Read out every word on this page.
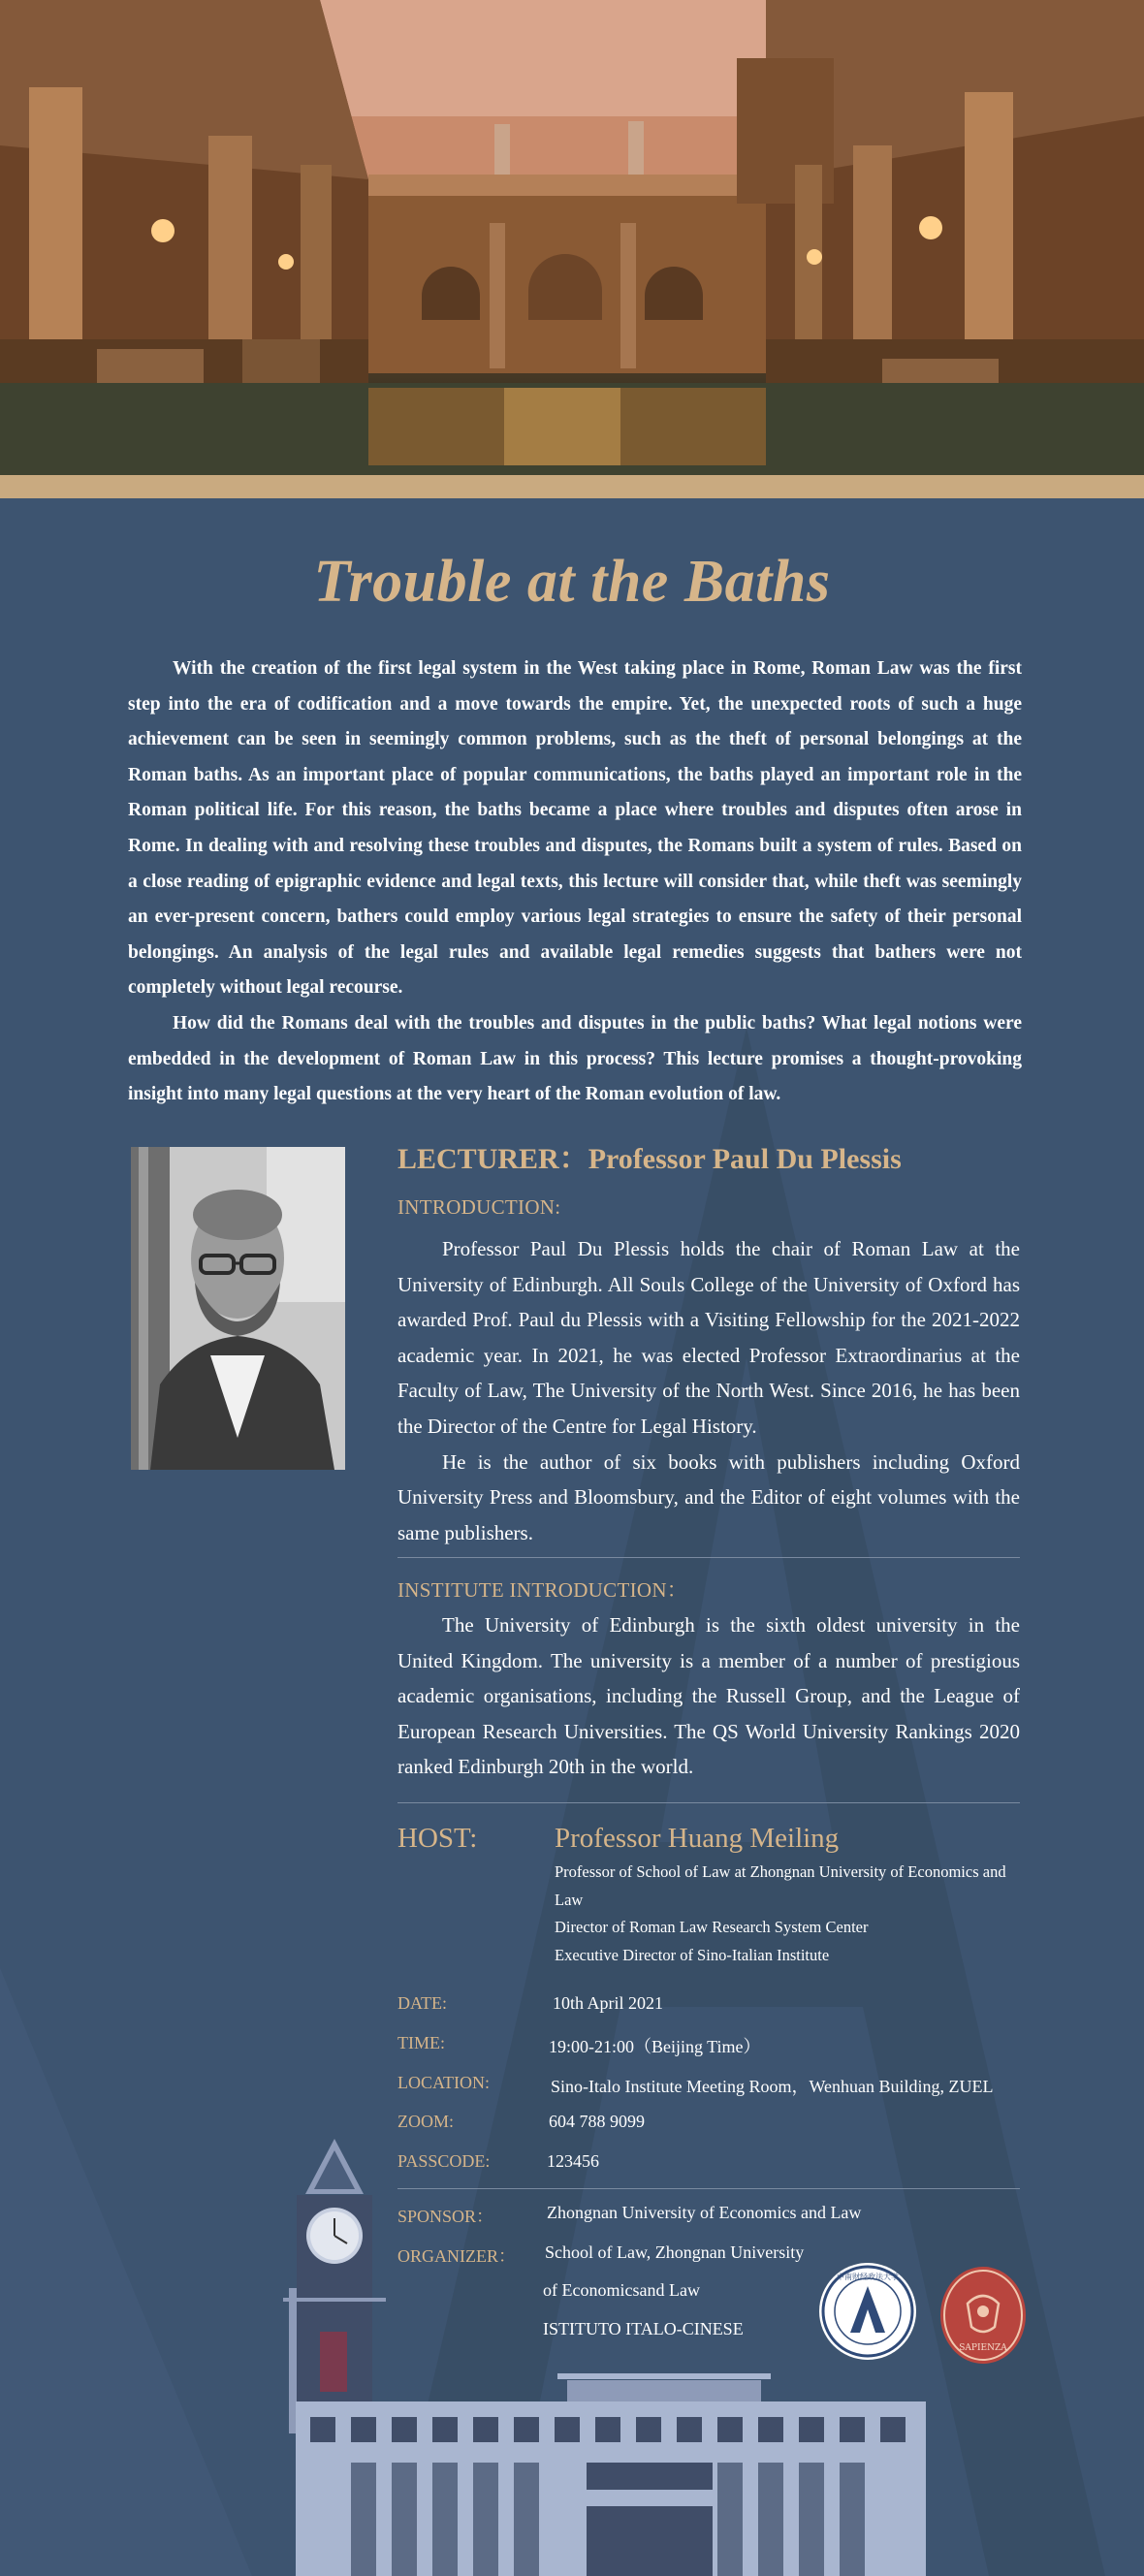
Trouble at the Baths

With the creation of the first legal system in the West taking place in Rome, Roman Law was the first step into the era of codification and a move towards the empire. Yet, the unexpected roots of such a huge achievement can be seen in seemingly common problems, such as the theft of personal belongings at the Roman baths. As an important place of popular communications, the baths played an important role in the Roman political life. For this reason, the baths became a place where troubles and disputes often arose in Rome. In dealing with and resolving these troubles and disputes, the Romans built a system of rules. Based on a close reading of epigraphic evidence and legal texts, this lecture will consider that, while theft was seemingly an ever-present concern, bathers could employ various legal strategies to ensure the safety of their personal belongings. An analysis of the legal rules and available legal remedies suggests that bathers were not completely without legal recourse.

How did the Romans deal with the troubles and disputes in the public baths? What legal notions were embedded in the development of Roman Law in this process? This lecture promises a thought-provoking insight into many legal questions at the very heart of the Roman evolution of law.

LECTURER：Professor Paul Du Plessis
INTRODUCTION:

Professor Paul Du Plessis holds the chair of Roman Law at the University of Edinburgh. All Souls College of the University of Oxford has awarded Prof. Paul du Plessis with a Visiting Fellowship for the 2021-2022 academic year. In 2021, he was elected Professor Extraordinarius at the Faculty of Law, The University of the North West. Since 2016, he has been the Director of the Centre for Legal History.

He is the author of six books with publishers including Oxford University Press and Bloomsbury, and the Editor of eight volumes with the same publishers.

INSTITUTE INTRODUCTION：

The University of Edinburgh is the sixth oldest university in the United Kingdom. The university is a member of a number of prestigious academic organisations, including the Russell Group, and the League of European Research Universities. The QS World University Rankings 2020 ranked Edinburgh 20th in the world.

HOST:	Professor Huang Meiling
Professor of School of Law at Zhongnan University of Economics and Law
Director of Roman Law Research System Center
Executive Director of Sino-Italian Institute
DATE:	10th April 2021
TIME:	19:00-21:00（Beijing Time）
LOCATION:	Sino-Italo Institute Meeting Room，Wenhuan Building, ZUEL
ZOOM:	604 788 9099
PASSCODE:	123456
SPONSOR：	Zhongnan University of Economics and Law
ORGANIZER： School of Law, Zhongnan University
of Economicsand Law
ISTITUTO ITALO-CINESE
中南财经政法大学
SAPIENZA
